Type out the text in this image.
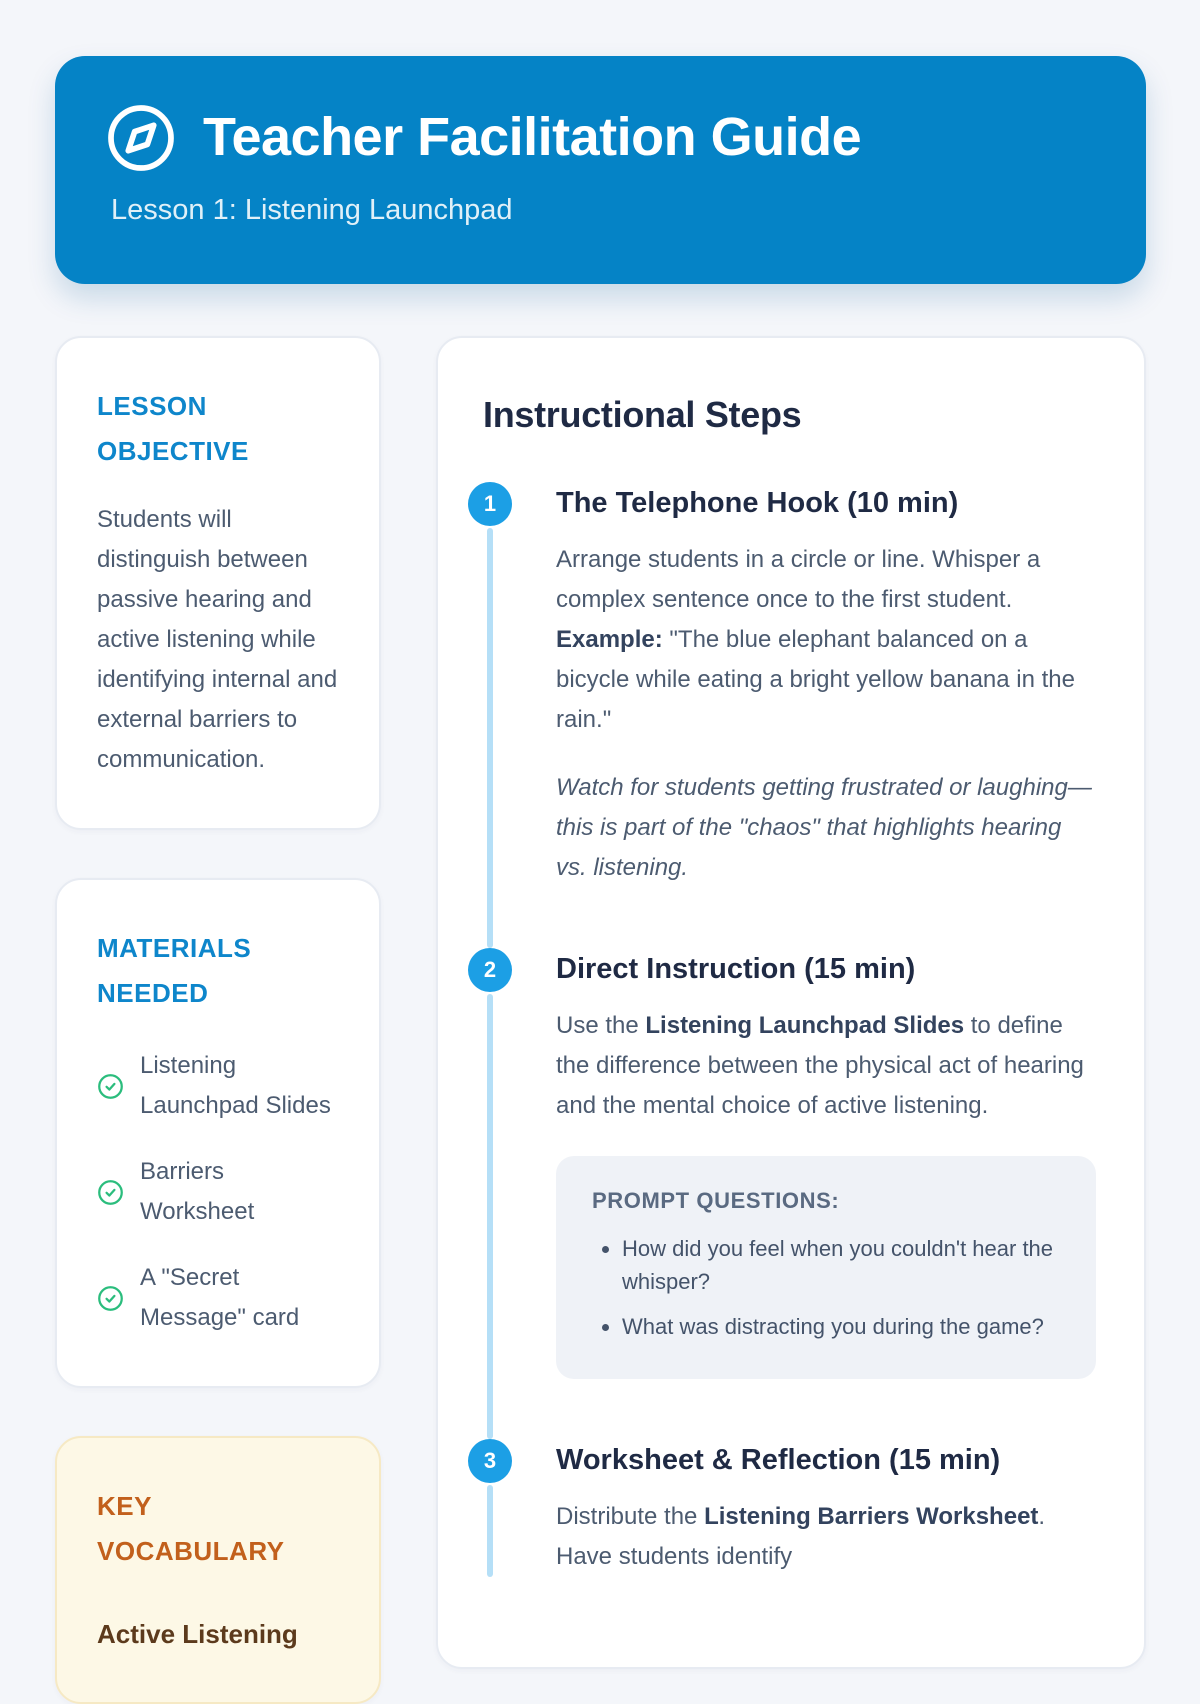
Teacher Facilitation Guide

Lesson 1: Listening Launchpad

LESSON OBJECTIVE

Students will distinguish between passive hearing and active listening while identifying internal and external barriers to communication.

MATERIALS NEEDED
Listening Launchpad Slides
Barriers Worksheet
A "Secret Message" card
KEY VOCABULARY
Active Listening
Instructional Steps
1	The Telephone Hook (10 min)

Arrange students in a circle or line. Whisper a complex sentence once to the first student. Example: "The blue elephant balanced on a bicycle while eating a bright yellow banana in the rain."

Watch for students getting frustrated or laughing—this is part of the "chaos" that highlights hearing vs. listening.

2	Direct Instruction (15 min)

Use the Listening Launchpad Slides to define the difference between the physical act of hearing and the mental choice of active listening.

PROMPT QUESTIONS:
• How did you feel when you couldn't hear the whisper?
• What was distracting you during the game?
3	Worksheet & Reflection (15 min)

Distribute the Listening Barriers Worksheet. Have students identify
